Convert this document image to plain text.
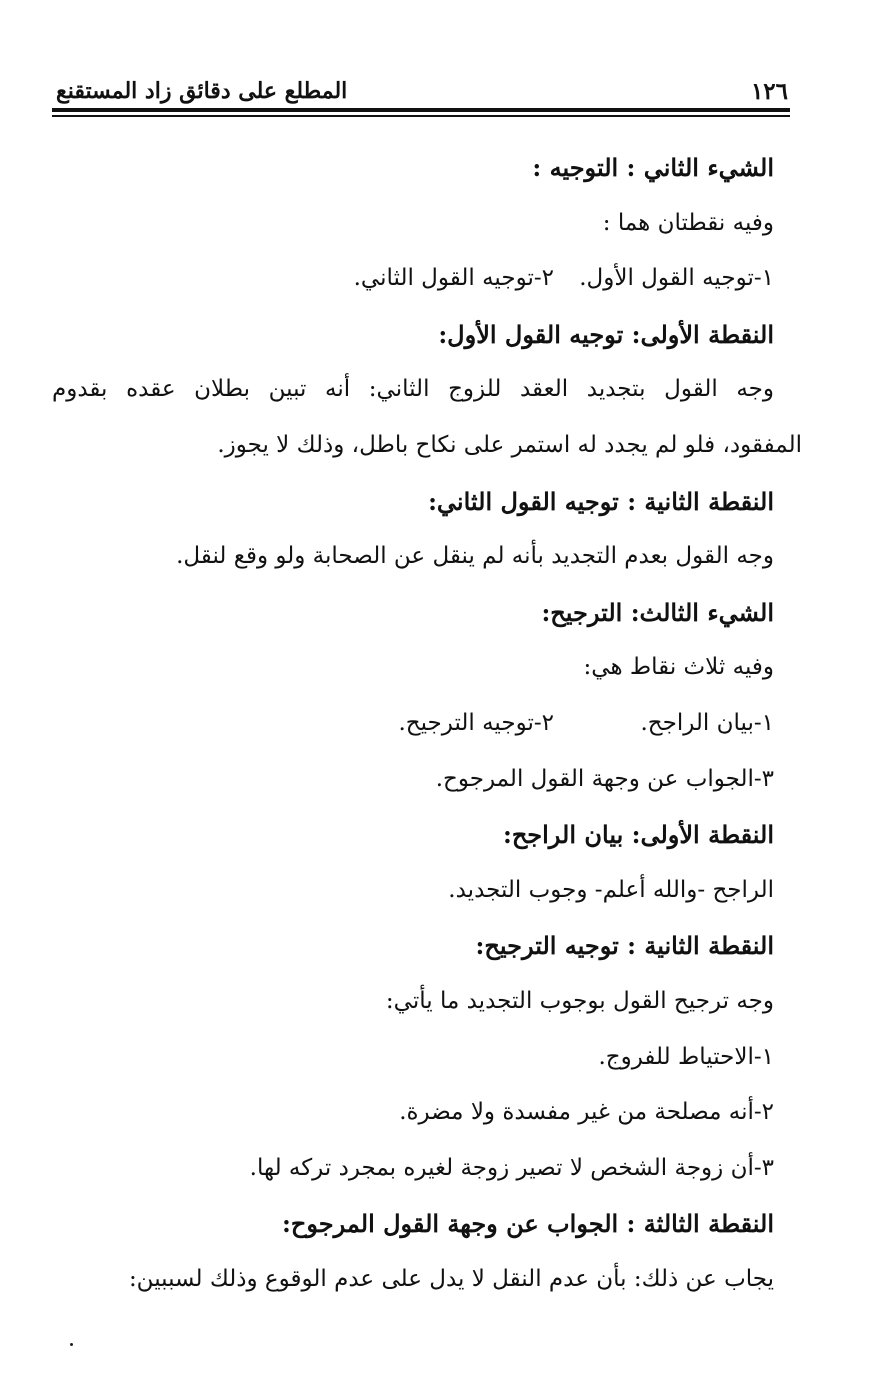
١٢٦
المطلع على دقائق زاد المستقنع
الشيء الثاني : التوجيه :
وفيه نقطتان هما :
١-توجيه القول الأول.
٢-توجيه القول الثاني.
النقطة الأولى: توجيه القول الأول:
وجه القول بتجديد العقد للزوج الثاني: أنه تبين بطلان عقده بقدوم
المفقود، فلو لم يجدد له استمر على نكاح باطل، وذلك لا يجوز.
النقطة الثانية : توجيه القول الثاني:
وجه القول بعدم التجديد بأنه لم ينقل عن الصحابة ولو وقع لنقل.
الشيء الثالث: الترجيح:
وفيه ثلاث نقاط هي:
١-بيان الراجح.
٢-توجيه الترجيح.
٣-الجواب عن وجهة القول المرجوح.
النقطة الأولى: بيان الراجح:
الراجح -والله أعلم- وجوب التجديد.
النقطة الثانية : توجيه الترجيح:
وجه ترجيح القول بوجوب التجديد ما يأتي:
١-الاحتياط للفروج.
٢-أنه مصلحة من غير مفسدة ولا مضرة.
٣-أن زوجة الشخص لا تصير زوجة لغيره بمجرد تركه لها.
النقطة الثالثة : الجواب عن وجهة القول المرجوح:
يجاب عن ذلك: بأن عدم النقل لا يدل على عدم الوقوع وذلك لسببين:
